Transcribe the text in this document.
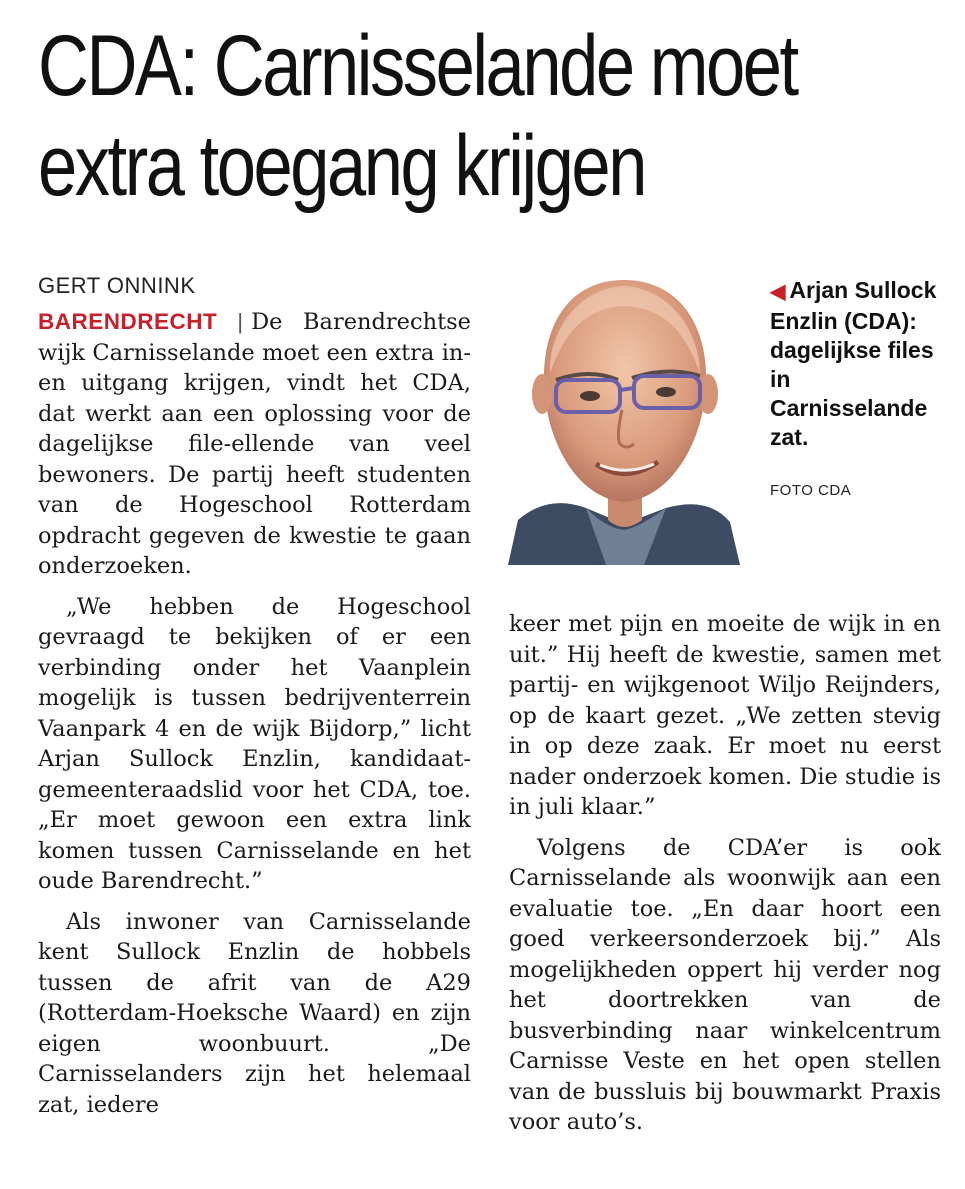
CDA: Carnisselande moet
extra toegang krijgen
GERT ONNINK

BARENDRECHT | De Barendrechtse wijk Carnisselande moet een extra in- en uitgang krijgen, vindt het CDA, dat werkt aan een oplossing voor de dagelijkse file-ellende van veel bewoners. De partij heeft studenten van de Hogeschool Rotterdam opdracht gegeven de kwestie te gaan onderzoeken.

„We hebben de Hogeschool gevraagd te bekijken of er een verbinding onder het Vaanplein mogelijk is tussen bedrijventerrein Vaanpark 4 en de wijk Bijdorp,” licht Arjan Sullock Enzlin, kandidaat-gemeenteraadslid voor het CDA, toe. „Er moet gewoon een extra link komen tussen Carnisselande en het oude Barendrecht.”

Als inwoner van Carnisselande kent Sullock Enzlin de hobbels tussen de afrit van de A29 (Rotterdam-Hoeksche Waard) en zijn eigen woonbuurt. „De Carnisselanders zijn het helemaal zat, iedere

◀ Arjan Sullock Enzlin (CDA): dagelijkse files in Carnisselande zat.
FOTO CDA

keer met pijn en moeite de wijk in en uit.” Hij heeft de kwestie, samen met partij- en wijkgenoot Wiljo Reijnders, op de kaart gezet. „We zetten stevig in op deze zaak. Er moet nu eerst nader onderzoek komen. Die studie is in juli klaar.”

Volgens de CDA’er is ook Carnisselande als woonwijk aan een evaluatie toe. „En daar hoort een goed verkeersonderzoek bij.” Als mogelijkheden oppert hij verder nog het doortrekken van de busverbinding naar winkelcentrum Carnisse Veste en het open stellen van de bussluis bij bouwmarkt Praxis voor auto’s.
